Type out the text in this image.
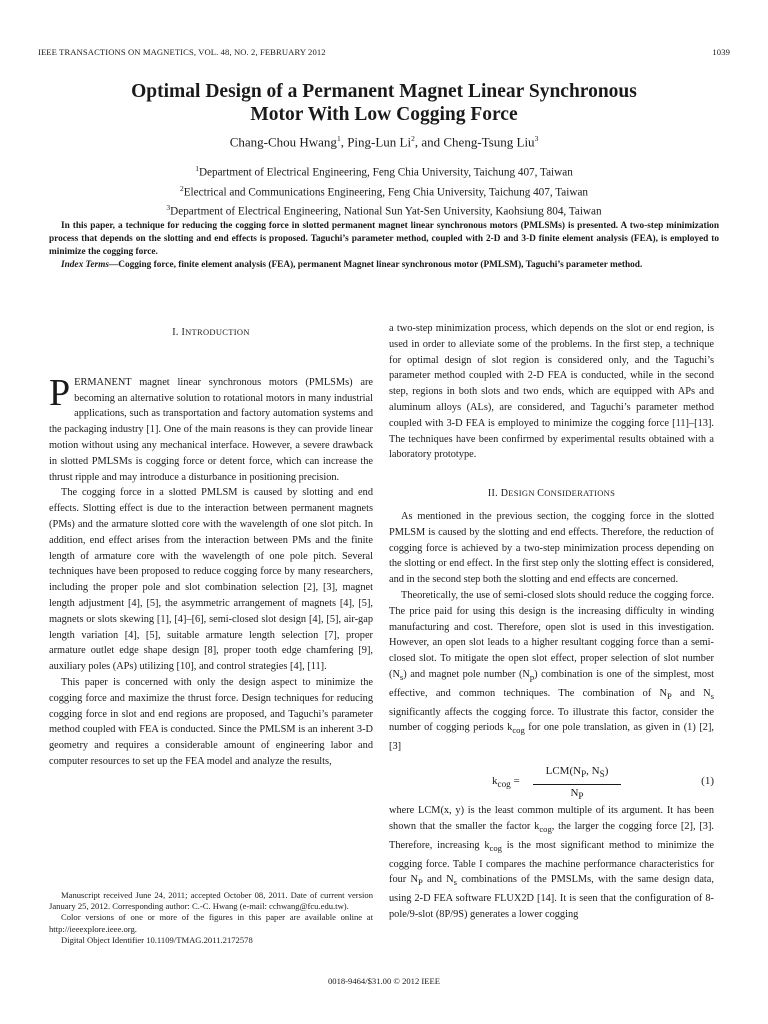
IEEE TRANSACTIONS ON MAGNETICS, VOL. 48, NO. 2, FEBRUARY 2012	1039
Optimal Design of a Permanent Magnet Linear Synchronous
Motor With Low Cogging Force
Chang-Chou Hwang$^1$, Ping-Lun Li$^2$, and Cheng-Tsung Liu$^3$
$^1$Department of Electrical Engineering, Feng Chia University, Taichung 407, Taiwan
$^2$Electrical and Communications Engineering, Feng Chia University, Taichung 407, Taiwan
$^3$Department of Electrical Engineering, National Sun Yat-Sen University, Kaohsiung 804, Taiwan

In this paper, a technique for reducing the cogging force in slotted permanent magnet linear synchronous motors (PMLSMs) is presented. A two-step minimization process that depends on the slotting and end effects is proposed. Taguchi’s parameter method, coupled with 2-D and 3-D finite element analysis (FEA), is employed to minimize the cogging force.

Index Terms—Cogging force, finite element analysis (FEA), permanent Magnet linear synchronous motor (PMLSM), Taguchi’s parameter method.

I. INTRODUCTION

PERMANENT magnet linear synchronous motors (PMLSMs) are becoming an alternative solution to rotational motors in many industrial applications, such as transportation and factory automation systems and the packaging industry [1]. One of the main reasons is they can provide linear motion without using any mechanical interface. However, a severe drawback in slotted PMLSMs is cogging force or detent force, which can increase the thrust ripple and may introduce a disturbance in positioning precision.

The cogging force in a slotted PMLSM is caused by slotting and end effects. Slotting effect is due to the interaction between permanent magnets (PMs) and the armature slotted core with the wavelength of one slot pitch. In addition, end effect arises from the interaction between PMs and the finite length of armature core with the wavelength of one pole pitch. Several techniques have been proposed to reduce cogging force by many researchers, including the proper pole and slot combination selection [2], [3], magnet length adjustment [4], [5], the asymmetric arrangement of magnets [4], [5], magnets or slots skewing [1], [4]–[6], semi-closed slot design [4], [5], air-gap length variation [4], [5], suitable armature length selection [7], proper armature outlet edge shape design [8], proper tooth edge chamfering [9], auxiliary poles (APs) utilizing [10], and control strategies [4], [11].

This paper is concerned with only the design aspect to minimize the cogging force and maximize the thrust force. Design techniques for reducing cogging force in slot and end regions are proposed, and Taguchi’s parameter method coupled with FEA is conducted. Since the PMLSM is an inherent 3-D geometry and requires a considerable amount of engineering labor and computer resources to set up the FEA model and analyze the results,

a two-step minimization process, which depends on the slot or end region, is used in order to alleviate some of the problems. In the first step, a technique for optimal design of slot region is considered only, and the Taguchi’s parameter method coupled with 2-D FEA is conducted, while in the second step, regions in both slots and two ends, which are equipped with APs and aluminum alloys (ALs), are considered, and Taguchi’s parameter method coupled with 3-D FEA is employed to minimize the cogging force [11]–[13]. The techniques have been confirmed by experimental results obtained with a laboratory prototype.

II. DESIGN CONSIDERATIONS

As mentioned in the previous section, the cogging force in the slotted PMLSM is caused by the slotting and end effects. Therefore, the reduction of cogging force is achieved by a two-step minimization process depending on the slotting or end effect. In the first step only the slotting effect is considered, and in the second step both the slotting and end effects are concerned.

Theoretically, the use of semi-closed slots should reduce the cogging force. The price paid for using this design is the increasing difficulty in winding manufacturing and cost. Therefore, open slot is used in this investigation. However, an open slot leads to a higher resultant cogging force than a semi-closed slot. To mitigate the open slot effect, proper selection of slot number $(N_s)$ and magnet pole number $(N_p)$ combination is one of the simplest, most effective, and common techniques. The combination of $N_P$ and $N_s$ significantly affects the cogging force. To illustrate this factor, consider the number of cogging periods $k_{cog}$ for one pole translation, as given in (1) [2], [3]

$k_{cog}$ =
$LCM(N_P$, $N_S$)
$N_P$
(1)

where LCM(x, y) is the least common multiple of its argument. It has been shown that the smaller the factor $k_{cog}$, the larger the cogging force [2], [3]. Therefore, increasing $k_{cog}$ is the most significant method to minimize the cogging force. Table I compares the machine performance characteristics for four $N_P$ and $N_s$ combinations of the PMSLMs, with the same design data, using 2-D FEA software FLUX2D [14]. It is seen that the configuration of 8-pole/9-slot (8P/9S) generates a lower cogging

Manuscript received June 24, 2011; accepted October 08, 2011. Date of current version January 25, 2012. Corresponding author: C.-C. Hwang (e-mail: cchwang@fcu.edu.tw).

Color versions of one or more of the figures in this paper are available online at http://ieeexplore.ieee.org.

Digital Object Identifier 10.1109/TMAG.2011.2172578

0018-9464/$31.00 © 2012 IEEE
